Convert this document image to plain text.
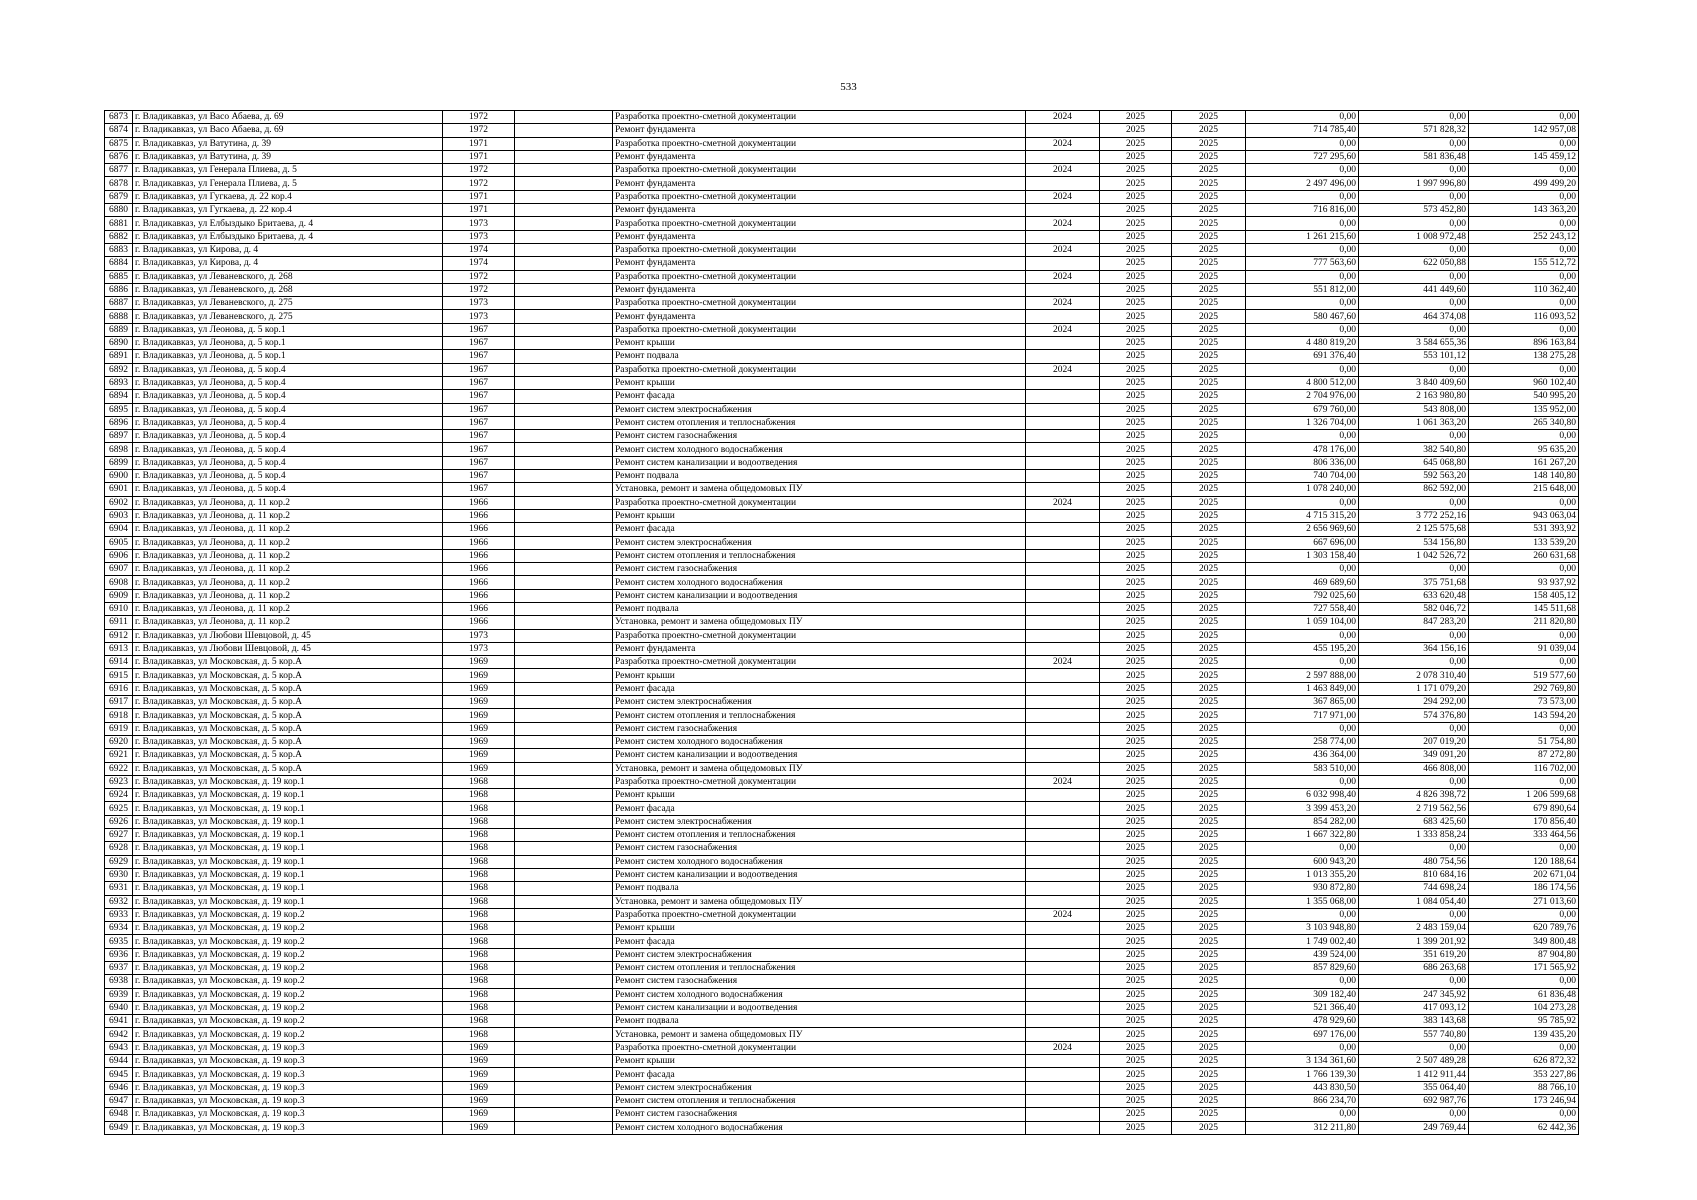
533
6873	г. Владикавказ, ул Васо Абаева, д. 69	1972		Разработка проектно-сметной документации	2024	2025	2025	0,00	0,00	0,00
6874	г. Владикавказ, ул Васо Абаева, д. 69	1972		Ремонт фундамента		2025	2025	714 785,40	571 828,32	142 957,08
6875	г. Владикавказ, ул Ватутина, д. 39	1971		Разработка проектно-сметной документации	2024	2025	2025	0,00	0,00	0,00
6876	г. Владикавказ, ул Ватутина, д. 39	1971		Ремонт фундамента		2025	2025	727 295,60	581 836,48	145 459,12
6877	г. Владикавказ, ул Генерала Плиева, д. 5	1972		Разработка проектно-сметной документации	2024	2025	2025	0,00	0,00	0,00
6878	г. Владикавказ, ул Генерала Плиева, д. 5	1972		Ремонт фундамента		2025	2025	2 497 496,00	1 997 996,80	499 499,20
6879	г. Владикавказ, ул Гугкаева, д. 22 кор.4	1971		Разработка проектно-сметной документации	2024	2025	2025	0,00	0,00	0,00
6880	г. Владикавказ, ул Гугкаева, д. 22 кор.4	1971		Ремонт фундамента		2025	2025	716 816,00	573 452,80	143 363,20
6881	г. Владикавказ, ул Елбыздыко Бритаева, д. 4	1973		Разработка проектно-сметной документации	2024	2025	2025	0,00	0,00	0,00
6882	г. Владикавказ, ул Елбыздыко Бритаева, д. 4	1973		Ремонт фундамента		2025	2025	1 261 215,60	1 008 972,48	252 243,12
6883	г. Владикавказ, ул Кирова, д. 4	1974		Разработка проектно-сметной документации	2024	2025	2025	0,00	0,00	0,00
6884	г. Владикавказ, ул Кирова, д. 4	1974		Ремонт фундамента		2025	2025	777 563,60	622 050,88	155 512,72
6885	г. Владикавказ, ул Леваневского, д. 268	1972		Разработка проектно-сметной документации	2024	2025	2025	0,00	0,00	0,00
6886	г. Владикавказ, ул Леваневского, д. 268	1972		Ремонт фундамента		2025	2025	551 812,00	441 449,60	110 362,40
6887	г. Владикавказ, ул Леваневского, д. 275	1973		Разработка проектно-сметной документации	2024	2025	2025	0,00	0,00	0,00
6888	г. Владикавказ, ул Леваневского, д. 275	1973		Ремонт фундамента		2025	2025	580 467,60	464 374,08	116 093,52
6889	г. Владикавказ, ул Леонова, д. 5 кор.1	1967		Разработка проектно-сметной документации	2024	2025	2025	0,00	0,00	0,00
6890	г. Владикавказ, ул Леонова, д. 5 кор.1	1967		Ремонт крыши		2025	2025	4 480 819,20	3 584 655,36	896 163,84
6891	г. Владикавказ, ул Леонова, д. 5 кор.1	1967		Ремонт подвала		2025	2025	691 376,40	553 101,12	138 275,28
6892	г. Владикавказ, ул Леонова, д. 5 кор.4	1967		Разработка проектно-сметной документации	2024	2025	2025	0,00	0,00	0,00
6893	г. Владикавказ, ул Леонова, д. 5 кор.4	1967		Ремонт крыши		2025	2025	4 800 512,00	3 840 409,60	960 102,40
6894	г. Владикавказ, ул Леонова, д. 5 кор.4	1967		Ремонт фасада		2025	2025	2 704 976,00	2 163 980,80	540 995,20
6895	г. Владикавказ, ул Леонова, д. 5 кор.4	1967		Ремонт систем электроснабжения		2025	2025	679 760,00	543 808,00	135 952,00
6896	г. Владикавказ, ул Леонова, д. 5 кор.4	1967		Ремонт систем отопления и теплоснабжения		2025	2025	1 326 704,00	1 061 363,20	265 340,80
6897	г. Владикавказ, ул Леонова, д. 5 кор.4	1967		Ремонт систем газоснабжения		2025	2025	0,00	0,00	0,00
6898	г. Владикавказ, ул Леонова, д. 5 кор.4	1967		Ремонт систем холодного водоснабжения		2025	2025	478 176,00	382 540,80	95 635,20
6899	г. Владикавказ, ул Леонова, д. 5 кор.4	1967		Ремонт систем канализации и водоотведения		2025	2025	806 336,00	645 068,80	161 267,20
6900	г. Владикавказ, ул Леонова, д. 5 кор.4	1967		Ремонт подвала		2025	2025	740 704,00	592 563,20	148 140,80
6901	г. Владикавказ, ул Леонова, д. 5 кор.4	1967		Установка, ремонт и замена общедомовых ПУ		2025	2025	1 078 240,00	862 592,00	215 648,00
6902	г. Владикавказ, ул Леонова, д. 11 кор.2	1966		Разработка проектно-сметной документации	2024	2025	2025	0,00	0,00	0,00
6903	г. Владикавказ, ул Леонова, д. 11 кор.2	1966		Ремонт крыши		2025	2025	4 715 315,20	3 772 252,16	943 063,04
6904	г. Владикавказ, ул Леонова, д. 11 кор.2	1966		Ремонт фасада		2025	2025	2 656 969,60	2 125 575,68	531 393,92
6905	г. Владикавказ, ул Леонова, д. 11 кор.2	1966		Ремонт систем электроснабжения		2025	2025	667 696,00	534 156,80	133 539,20
6906	г. Владикавказ, ул Леонова, д. 11 кор.2	1966		Ремонт систем отопления и теплоснабжения		2025	2025	1 303 158,40	1 042 526,72	260 631,68
6907	г. Владикавказ, ул Леонова, д. 11 кор.2	1966		Ремонт систем газоснабжения		2025	2025	0,00	0,00	0,00
6908	г. Владикавказ, ул Леонова, д. 11 кор.2	1966		Ремонт систем холодного водоснабжения		2025	2025	469 689,60	375 751,68	93 937,92
6909	г. Владикавказ, ул Леонова, д. 11 кор.2	1966		Ремонт систем канализации и водоотведения		2025	2025	792 025,60	633 620,48	158 405,12
6910	г. Владикавказ, ул Леонова, д. 11 кор.2	1966		Ремонт подвала		2025	2025	727 558,40	582 046,72	145 511,68
6911	г. Владикавказ, ул Леонова, д. 11 кор.2	1966		Установка, ремонт и замена общедомовых ПУ		2025	2025	1 059 104,00	847 283,20	211 820,80
6912	г. Владикавказ, ул Любови Шевцовой, д. 45	1973		Разработка проектно-сметной документации		2025	2025	0,00	0,00	0,00
6913	г. Владикавказ, ул Любови Шевцовой, д. 45	1973		Ремонт фундамента		2025	2025	455 195,20	364 156,16	91 039,04
6914	г. Владикавказ, ул Московская, д. 5 кор.А	1969		Разработка проектно-сметной документации	2024	2025	2025	0,00	0,00	0,00
6915	г. Владикавказ, ул Московская, д. 5 кор.А	1969		Ремонт крыши		2025	2025	2 597 888,00	2 078 310,40	519 577,60
6916	г. Владикавказ, ул Московская, д. 5 кор.А	1969		Ремонт фасада		2025	2025	1 463 849,00	1 171 079,20	292 769,80
6917	г. Владикавказ, ул Московская, д. 5 кор.А	1969		Ремонт систем электроснабжения		2025	2025	367 865,00	294 292,00	73 573,00
6918	г. Владикавказ, ул Московская, д. 5 кор.А	1969		Ремонт систем отопления и теплоснабжения		2025	2025	717 971,00	574 376,80	143 594,20
6919	г. Владикавказ, ул Московская, д. 5 кор.А	1969		Ремонт систем газоснабжения		2025	2025	0,00	0,00	0,00
6920	г. Владикавказ, ул Московская, д. 5 кор.А	1969		Ремонт систем холодного водоснабжения		2025	2025	258 774,00	207 019,20	51 754,80
6921	г. Владикавказ, ул Московская, д. 5 кор.А	1969		Ремонт систем канализации и водоотведения		2025	2025	436 364,00	349 091,20	87 272,80
6922	г. Владикавказ, ул Московская, д. 5 кор.А	1969		Установка, ремонт и замена общедомовых ПУ		2025	2025	583 510,00	466 808,00	116 702,00
6923	г. Владикавказ, ул Московская, д. 19 кор.1	1968		Разработка проектно-сметной документации	2024	2025	2025	0,00	0,00	0,00
6924	г. Владикавказ, ул Московская, д. 19 кор.1	1968		Ремонт крыши		2025	2025	6 032 998,40	4 826 398,72	1 206 599,68
6925	г. Владикавказ, ул Московская, д. 19 кор.1	1968		Ремонт фасада		2025	2025	3 399 453,20	2 719 562,56	679 890,64
6926	г. Владикавказ, ул Московская, д. 19 кор.1	1968		Ремонт систем электроснабжения		2025	2025	854 282,00	683 425,60	170 856,40
6927	г. Владикавказ, ул Московская, д. 19 кор.1	1968		Ремонт систем отопления и теплоснабжения		2025	2025	1 667 322,80	1 333 858,24	333 464,56
6928	г. Владикавказ, ул Московская, д. 19 кор.1	1968		Ремонт систем газоснабжения		2025	2025	0,00	0,00	0,00
6929	г. Владикавказ, ул Московская, д. 19 кор.1	1968		Ремонт систем холодного водоснабжения		2025	2025	600 943,20	480 754,56	120 188,64
6930	г. Владикавказ, ул Московская, д. 19 кор.1	1968		Ремонт систем канализации и водоотведения		2025	2025	1 013 355,20	810 684,16	202 671,04
6931	г. Владикавказ, ул Московская, д. 19 кор.1	1968		Ремонт подвала		2025	2025	930 872,80	744 698,24	186 174,56
6932	г. Владикавказ, ул Московская, д. 19 кор.1	1968		Установка, ремонт и замена общедомовых ПУ		2025	2025	1 355 068,00	1 084 054,40	271 013,60
6933	г. Владикавказ, ул Московская, д. 19 кор.2	1968		Разработка проектно-сметной документации	2024	2025	2025	0,00	0,00	0,00
6934	г. Владикавказ, ул Московская, д. 19 кор.2	1968		Ремонт крыши		2025	2025	3 103 948,80	2 483 159,04	620 789,76
6935	г. Владикавказ, ул Московская, д. 19 кор.2	1968		Ремонт фасада		2025	2025	1 749 002,40	1 399 201,92	349 800,48
6936	г. Владикавказ, ул Московская, д. 19 кор.2	1968		Ремонт систем электроснабжения		2025	2025	439 524,00	351 619,20	87 904,80
6937	г. Владикавказ, ул Московская, д. 19 кор.2	1968		Ремонт систем отопления и теплоснабжения		2025	2025	857 829,60	686 263,68	171 565,92
6938	г. Владикавказ, ул Московская, д. 19 кор.2	1968		Ремонт систем газоснабжения		2025	2025	0,00	0,00	0,00
6939	г. Владикавказ, ул Московская, д. 19 кор.2	1968		Ремонт систем холодного водоснабжения		2025	2025	309 182,40	247 345,92	61 836,48
6940	г. Владикавказ, ул Московская, д. 19 кор.2	1968		Ремонт систем канализации и водоотведения		2025	2025	521 366,40	417 093,12	104 273,28
6941	г. Владикавказ, ул Московская, д. 19 кор.2	1968		Ремонт подвала		2025	2025	478 929,60	383 143,68	95 785,92
6942	г. Владикавказ, ул Московская, д. 19 кор.2	1968		Установка, ремонт и замена общедомовых ПУ		2025	2025	697 176,00	557 740,80	139 435,20
6943	г. Владикавказ, ул Московская, д. 19 кор.3	1969		Разработка проектно-сметной документации	2024	2025	2025	0,00	0,00	0,00
6944	г. Владикавказ, ул Московская, д. 19 кор.3	1969		Ремонт крыши		2025	2025	3 134 361,60	2 507 489,28	626 872,32
6945	г. Владикавказ, ул Московская, д. 19 кор.3	1969		Ремонт фасада		2025	2025	1 766 139,30	1 412 911,44	353 227,86
6946	г. Владикавказ, ул Московская, д. 19 кор.3	1969		Ремонт систем электроснабжения		2025	2025	443 830,50	355 064,40	88 766,10
6947	г. Владикавказ, ул Московская, д. 19 кор.3	1969		Ремонт систем отопления и теплоснабжения		2025	2025	866 234,70	692 987,76	173 246,94
6948	г. Владикавказ, ул Московская, д. 19 кор.3	1969		Ремонт систем газоснабжения		2025	2025	0,00	0,00	0,00
6949	г. Владикавказ, ул Московская, д. 19 кор.3	1969		Ремонт систем холодного водоснабжения		2025	2025	312 211,80	249 769,44	62 442,36
